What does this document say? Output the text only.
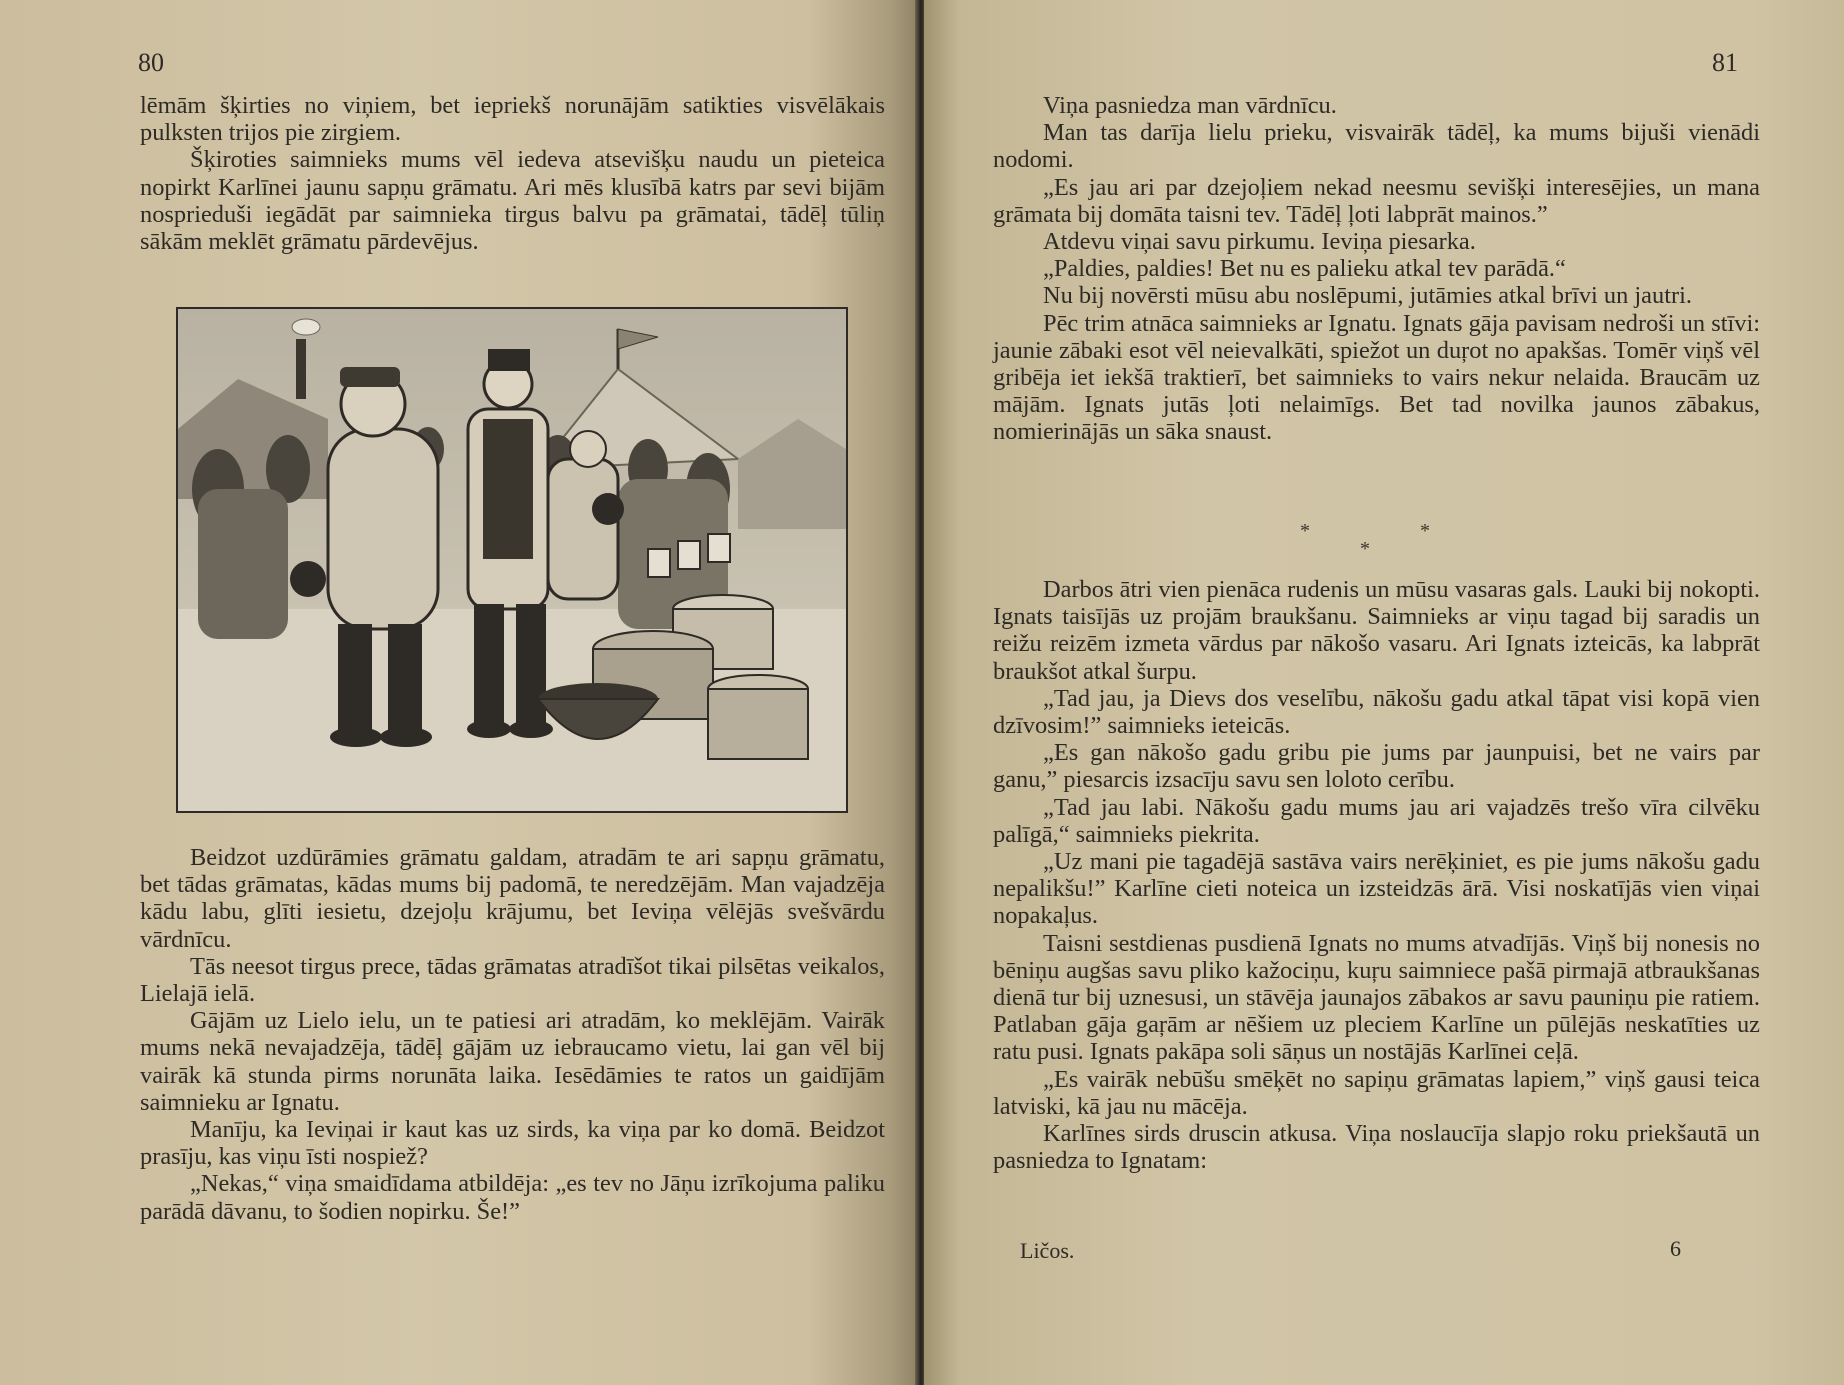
80

lēmām šķirties no viņiem, bet iepriekš norunājām satikties visvēlākais pulksten trijos pie zirgiem.

Šķiroties saimnieks mums vēl iedeva atsevišķu naudu un pieteica nopirkt Karlīnei jaunu sapņu grāmatu. Ari mēs klusībā katrs par sevi bijām nosprieduši iegādāt par saimnieka tirgus balvu pa grāmatai, tādēļ tūliņ sākām meklēt grāmatu pārdevējus.

Beidzot uzdūrāmies grāmatu galdam, atradām te ari sapņu grāmatu, bet tādas grāmatas, kādas mums bij padomā, te neredzējām. Man vajadzēja kādu labu, glīti iesietu, dzejoļu krājumu, bet Ieviņa vēlējās svešvārdu vārdnīcu.

Tās neesot tirgus prece, tādas grāmatas atradīšot tikai pilsētas veikalos, Lielajā ielā.

Gājām uz Lielo ielu, un te patiesi ari atradām, ko meklējām. Vairāk mums nekā nevajadzēja, tādēļ gājām uz iebraucamo vietu, lai gan vēl bij vairāk kā stunda pirms norunāta laika. Iesēdāmies te ratos un gaidījām saimnieku ar Ignatu.

Manīju, ka Ieviņai ir kaut kas uz sirds, ka viņa par ko domā. Beidzot prasīju, kas viņu īsti nospiež?

„Nekas,“ viņa smaidīdama atbildēja: „es tev no Jāņu izrīkojuma paliku parādā dāvanu, to šodien nopirku. Še!”

81

Viņa pasniedza man vārdnīcu.

Man tas darīja lielu prieku, visvairāk tādēļ, ka mums bijuši vienādi nodomi.

„Es jau ari par dzejoļiem nekad neesmu sevišķi interesējies, un mana grāmata bij domāta taisni tev. Tādēļ ļoti labprāt mainos.”

Atdevu viņai savu pirkumu. Ieviņa piesarka.

„Paldies, paldies! Bet nu es palieku atkal tev parādā.“

Nu bij novērsti mūsu abu noslēpumi, jutāmies atkal brīvi un jautri.

Pēc trim atnāca saimnieks ar Ignatu. Ignats gāja pavisam nedroši un stīvi: jaunie zābaki esot vēl neievalkāti, spiežot un duŗot no apakšas. Tomēr viņš vēl gribēja iet iekšā traktierī, bet saimnieks to vairs nekur nelaida. Braucām uz mājām. Ignats jutās ļoti nelaimīgs. Bet tad novilka jaunos zābakus, nomierinājās un sāka snaust.

Darbos ātri vien pienāca rudenis un mūsu vasaras gals. Lauki bij nokopti. Ignats taisījās uz projām braukšanu. Saimnieks ar viņu tagad bij saradis un reižu reizēm izmeta vārdus par nākošo vasaru. Ari Ignats izteicās, ka labprāt braukšot atkal šurpu.

„Tad jau, ja Dievs dos veselību, nākošu gadu atkal tāpat visi kopā vien dzīvosim!” saimnieks ieteicās.

„Es gan nākošo gadu gribu pie jums par jaunpuisi, bet ne vairs par ganu,” piesarcis izsacīju savu sen loloto cerību.

„Tad jau labi. Nākošu gadu mums jau ari vajadzēs trešo vīra cilvēku palīgā,“ saimnieks piekrita.

„Uz mani pie tagadējā sastāva vairs nerēķiniet, es pie jums nākošu gadu nepalikšu!” Karlīne cieti noteica un izsteidzās ārā. Visi noskatījās vien viņai nopakaļus.

Taisni sestdienas pusdienā Ignats no mums atvadījās. Viņš bij nonesis no bēniņu augšas savu pliko kažociņu, kuŗu saimniece pašā pirmajā atbraukšanas dienā tur bij uznesusi, un stāvēja jaunajos zābakos ar savu pauniņu pie ratiem. Patlaban gāja gaŗām ar nēšiem uz pleciem Karlīne un pūlējās neskatīties uz ratu pusi. Ignats pakāpa soli sāņus un nostājās Karlīnei ceļā.

„Es vairāk nebūšu smēķēt no sapiņu grāmatas lapiem,” viņš gausi teica latviski, kā jau nu mācēja.

Karlīnes sirds druscin atkusa. Viņa noslaucīja slapjo roku priekšautā un pasniedza to Ignatam:

Ličos.	6
*	*
*
